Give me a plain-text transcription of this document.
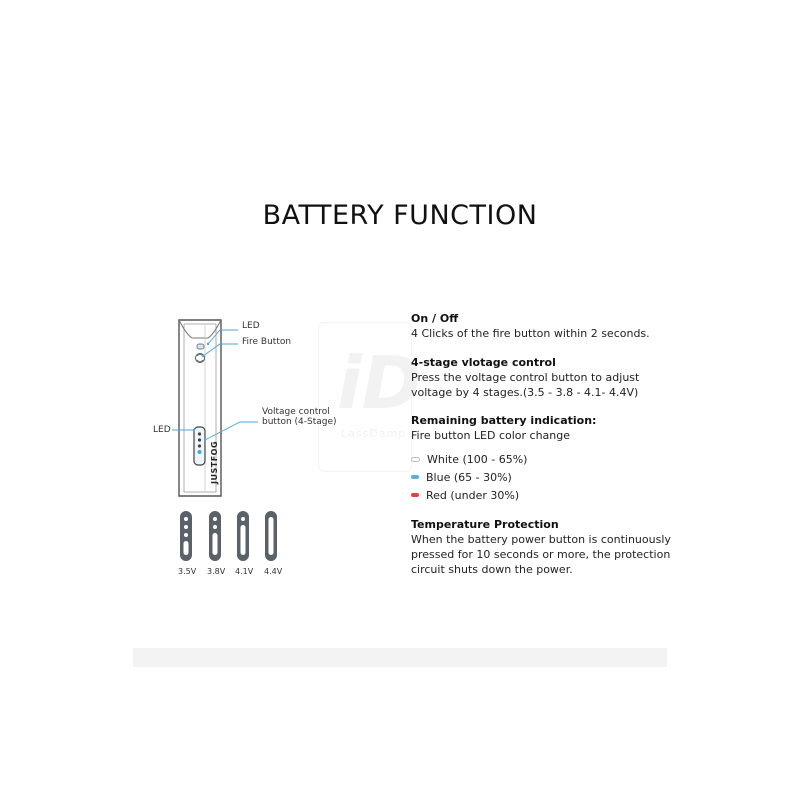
BATTERY FUNCTION
iD
LassDamp
JUSTFOG
3.5V 3.8V 4.1V 4.4V
LED
Fire Button
LED
Voltage control
button (4-Stage)
On / Off
4 Clicks of the fire button within 2 seconds.
4-stage vlotage control
Press the voltage control button to adjust
voltage by 4 stages.(3.5 - 3.8 - 4.1- 4.4V)
Remaining battery indication:
Fire button LED color change
White (100 - 65%)
Blue (65 - 30%)
Red (under 30%)
Temperature Protection
When the battery power button is continuously
pressed for 10 seconds or more, the protection
circuit shuts down the power.
